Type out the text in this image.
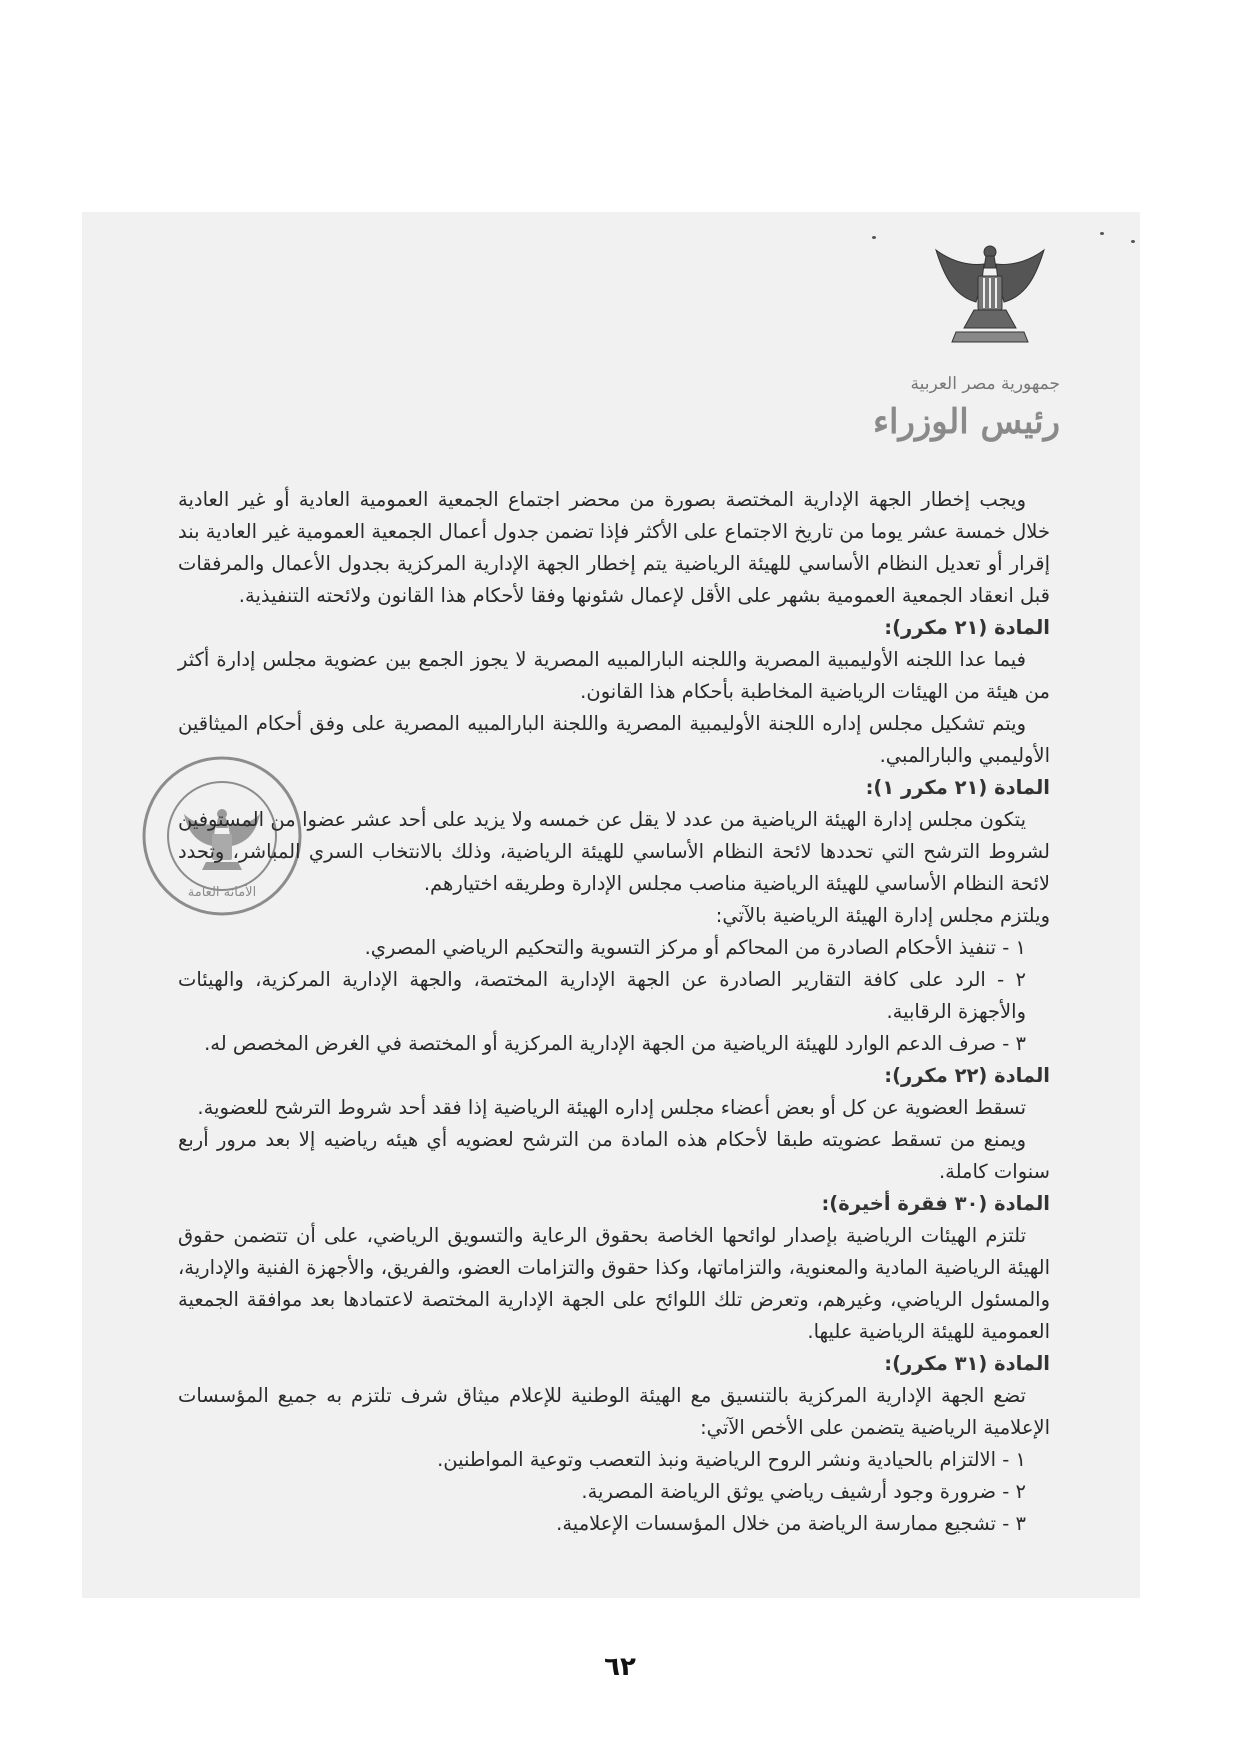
جمهورية مصر العربية
رئيس الوزراء
الأمانة العامة

ويجب إخطار الجهة الإدارية المختصة بصورة من محضر اجتماع الجمعية العمومية العادية أو غير العادية خلال خمسة عشر يوما من تاريخ الاجتماع على الأكثر فإذا تضمن جدول أعمال الجمعية العمومية غير العادية بند إقرار أو تعديل النظام الأساسي للهيئة الرياضية يتم إخطار الجهة الإدارية المركزية بجدول الأعمال والمرفقات قبل انعقاد الجمعية العمومية بشهر على الأقل لإعمال شئونها وفقا لأحكام هذا القانون ولائحته التنفيذية.

المادة (٢١ مكرر):

فيما عدا اللجنه الأوليمبية المصرية واللجنه البارالمبيه المصرية لا يجوز الجمع بين عضوية مجلس إدارة أكثر من هيئة من الهيئات الرياضية المخاطبة بأحكام هذا القانون.

ويتم تشكيل مجلس إداره اللجنة الأوليمبية المصرية واللجنة البارالمبيه المصرية على وفق أحكام الميثاقين الأوليمبي والبارالمبي.

المادة (٢١ مكرر ١):

يتكون مجلس إدارة الهيئة الرياضية من عدد لا يقل عن خمسه ولا يزيد على أحد عشر عضوا من المستوفين لشروط الترشح التي تحددها لائحة النظام الأساسي للهيئة الرياضية، وذلك بالانتخاب السري المباشر، وتحدد لائحة النظام الأساسي للهيئة الرياضية مناصب مجلس الإدارة وطريقه اختيارهم.

ويلتزم مجلس إدارة الهيئة الرياضية بالآتي:

١ - تنفيذ الأحكام الصادرة من المحاكم أو مركز التسوية والتحكيم الرياضي المصري.

٢ - الرد على كافة التقارير الصادرة عن الجهة الإدارية المختصة، والجهة الإدارية المركزية، والهيئات والأجهزة الرقابية.

٣ - صرف الدعم الوارد للهيئة الرياضية من الجهة الإدارية المركزية أو المختصة في الغرض المخصص له.

المادة (٢٢ مكرر):

تسقط العضوية عن كل أو بعض أعضاء مجلس إداره الهيئة الرياضية إذا فقد أحد شروط الترشح للعضوية.

ويمنع من تسقط عضويته طبقا لأحكام هذه المادة من الترشح لعضويه أي هيئه رياضيه إلا بعد مرور أربع سنوات كاملة.

المادة (٣٠ فقرة أخيرة):

تلتزم الهيئات الرياضية بإصدار لوائحها الخاصة بحقوق الرعاية والتسويق الرياضي، على أن تتضمن حقوق الهيئة الرياضية المادية والمعنوية، والتزاماتها، وكذا حقوق والتزامات العضو، والفريق، والأجهزة الفنية والإدارية، والمسئول الرياضي، وغيرهم، وتعرض تلك اللوائح على الجهة الإدارية المختصة لاعتمادها بعد موافقة الجمعية العمومية للهيئة الرياضية عليها.

المادة (٣١ مكرر):

تضع الجهة الإدارية المركزية بالتنسيق مع الهيئة الوطنية للإعلام ميثاق شرف تلتزم به جميع المؤسسات الإعلامية الرياضية يتضمن على الأخص الآتي:

١ - الالتزام بالحيادية ونشر الروح الرياضية ونبذ التعصب وتوعية المواطنين.

٢ - ضرورة وجود أرشيف رياضي يوثق الرياضة المصرية.

٣ - تشجيع ممارسة الرياضة من خلال المؤسسات الإعلامية.

٦٢
